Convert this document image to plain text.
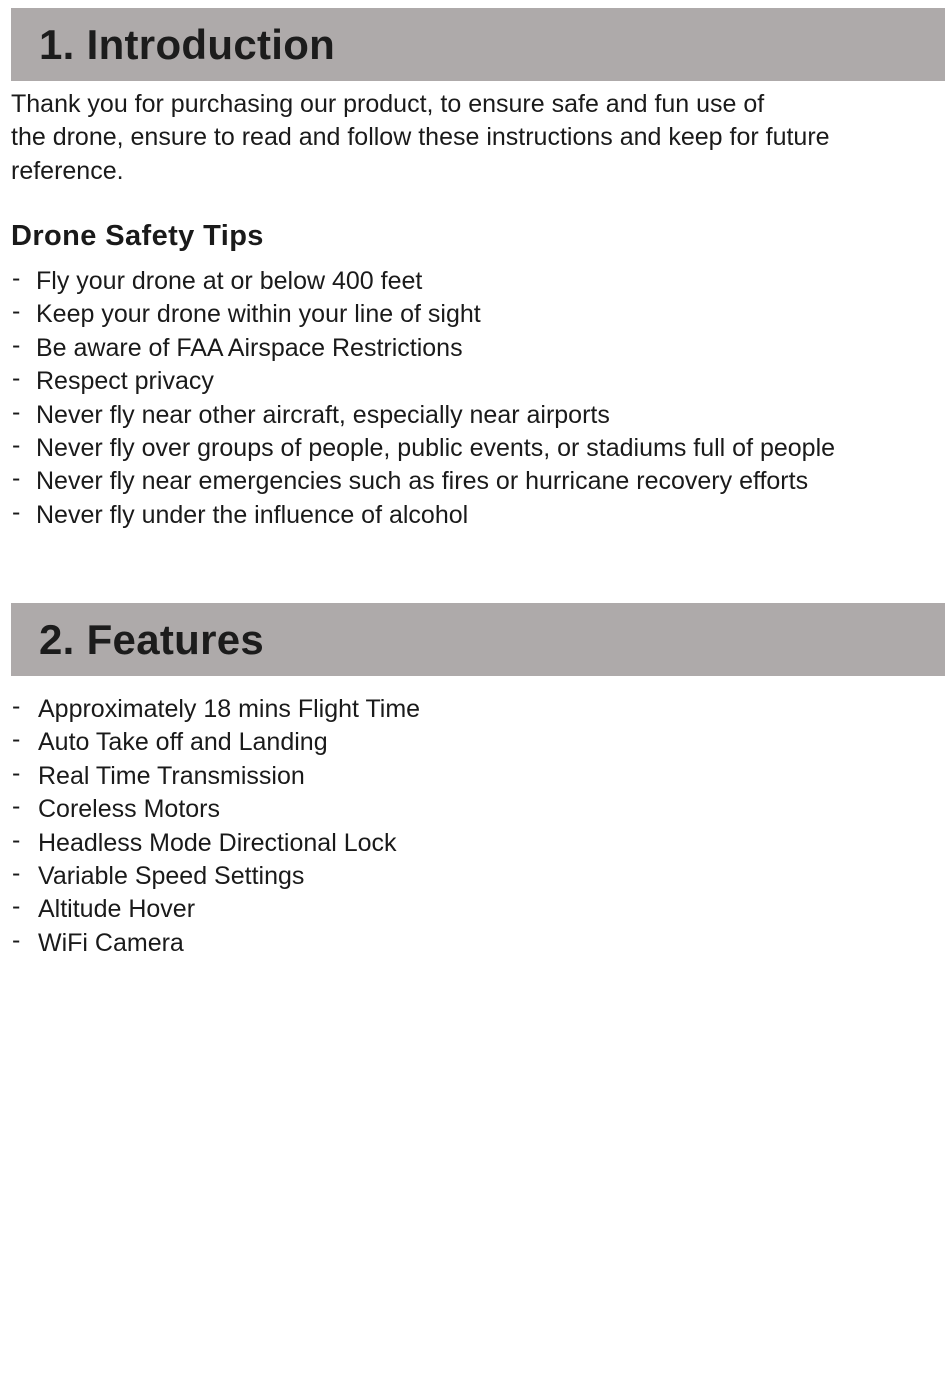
1. Introduction

Thank you for purchasing our product, to ensure safe and fun use of
the drone, ensure to read and follow these instructions and keep for future
reference.

Drone Safety Tips
- Fly your drone at or below 400 feet
- Keep your drone within your line of sight
- Be aware of FAA Airspace Restrictions
- Respect privacy
- Never fly near other aircraft, especially near airports
- Never fly over groups of people, public events, or stadiums full of people
- Never fly near emergencies such as fires or hurricane recovery efforts
- Never fly under the influence of alcohol
2. Features
- Approximately 18 mins Flight Time
- Auto Take off and Landing
- Real Time Transmission
- Coreless Motors
- Headless Mode Directional Lock
- Variable Speed Settings
- Altitude Hover
- WiFi Camera
